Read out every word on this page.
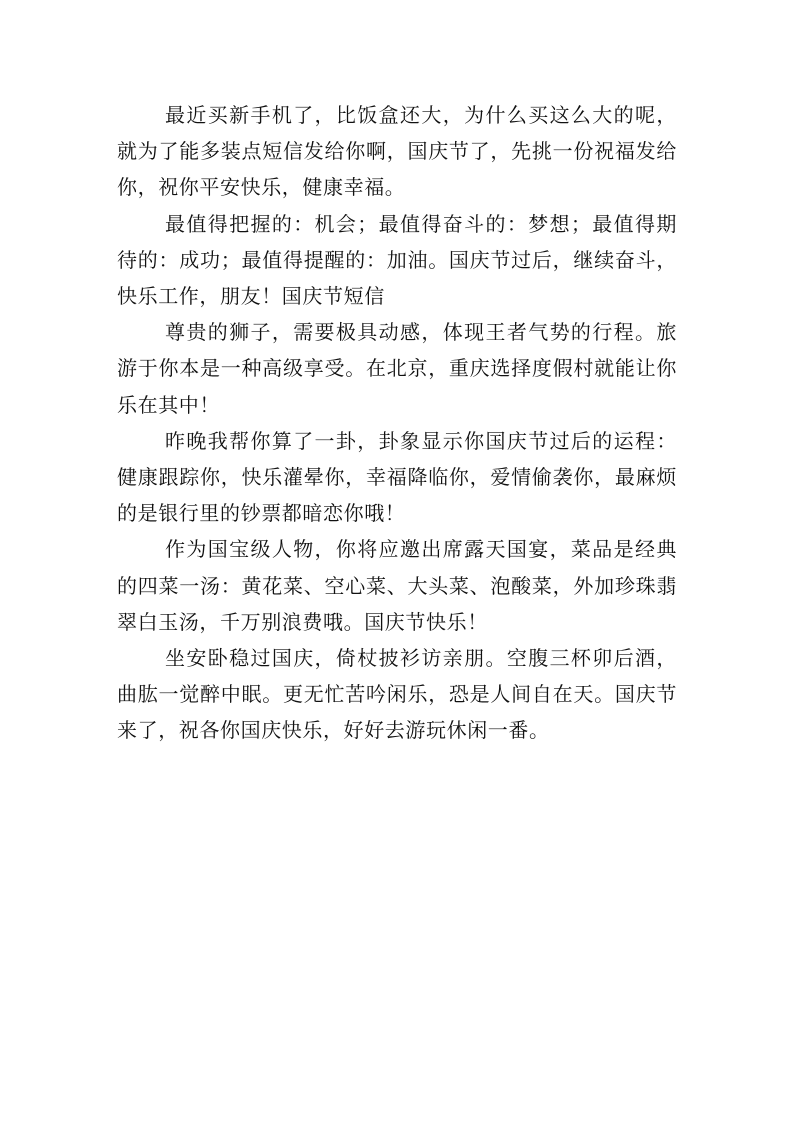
最近买新手机了，比饭盒还大，为什么买这么大的呢，就为了能多装点短信发给你啊，国庆节了，先挑一份祝福发给你，祝你平安快乐，健康幸福。

最值得把握的：机会；最值得奋斗的：梦想；最值得期待的：成功；最值得提醒的：加油。国庆节过后，继续奋斗，快乐工作，朋友！国庆节短信

尊贵的狮子，需要极具动感，体现王者气势的行程。旅游于你本是一种高级享受。在北京，重庆选择度假村就能让你乐在其中！

昨晚我帮你算了一卦，卦象显示你国庆节过后的运程：健康跟踪你，快乐灌晕你，幸福降临你，爱情偷袭你，最麻烦的是银行里的钞票都暗恋你哦！

作为国宝级人物，你将应邀出席露天国宴，菜品是经典的四菜一汤：黄花菜、空心菜、大头菜、泡酸菜，外加珍珠翡翠白玉汤，千万别浪费哦。国庆节快乐！

坐安卧稳过国庆，倚杖披衫访亲朋。空腹三杯卯后酒，曲肱一觉醉中眠。更无忙苦吟闲乐，恐是人间自在天。国庆节来了，祝各你国庆快乐，好好去游玩休闲一番。
